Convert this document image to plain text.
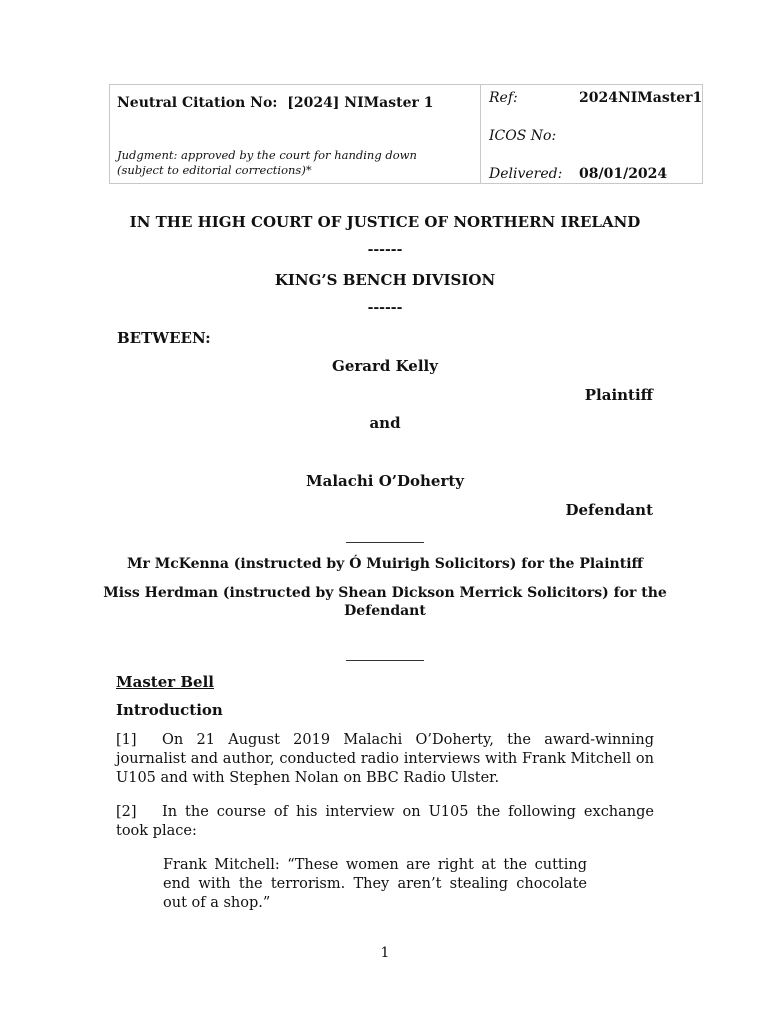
Neutral Citation No: [2024] NIMaster 1
Judgment: approved by the court for handing down
(subject to editorial corrections)*
Ref:	2024NIMaster1
ICOS No:
Delivered: 08/01/2024
IN THE HIGH COURT OF JUSTICE OF NORTHERN IRELAND
------
KING’S BENCH DIVISION
------
BETWEEN:
Gerard Kelly
Plaintiff
and
Malachi O’Doherty
Defendant
Mr McKenna (instructed by Ó Muirigh Solicitors) for the Plaintiff
Miss Herdman (instructed by Shean Dickson Merrick Solicitors) for the
Defendant
Master Bell
Introduction
[1] On 21 August 2019 Malachi O’Doherty, the award-winning journalist and author, conducted radio interviews with Frank Mitchell on U105 and with Stephen Nolan on BBC Radio Ulster.
[2] In the course of his interview on U105 the following exchange took place:
Frank Mitchell: “These women are right at the cutting end with the terrorism. They aren’t stealing chocolate out of a shop.”
1
